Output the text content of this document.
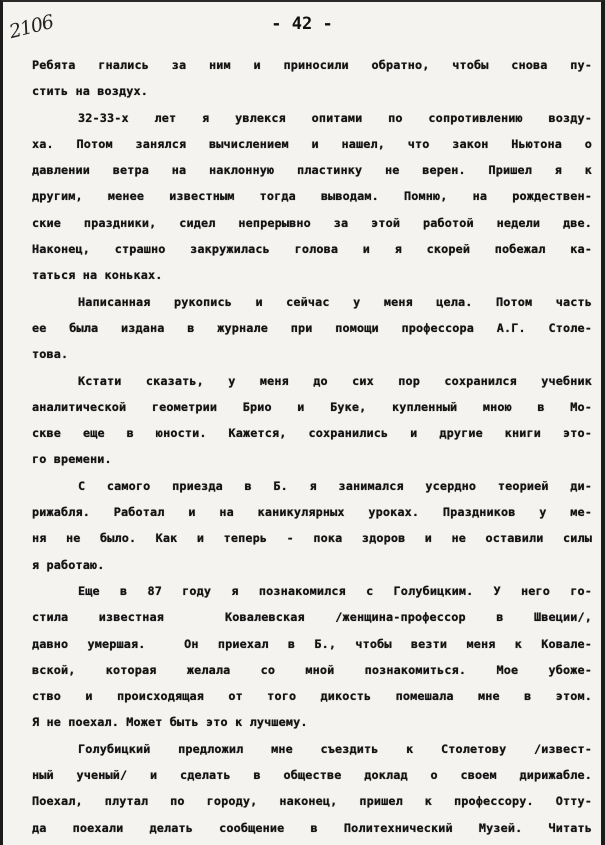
2106	- 42 -
Ребята гнались за ним и приносили обратно, чтобы снова пу-
стить на воздух.
32-33-х лет я увлекся опитами по сопротивлению возду-
ха. Потом занялся вычислением и нашел, что закон Ньютона о
давлении ветра на наклонную пластинку не верен. Пришел я к
другим, менее известным тогда выводам. Помню, на рождествен-
ские праздники, сидел непрерывно за этой работой недели две.
Наконец, страшно закружилась голова и я скорей побежал ка-
таться на коньках.
Написанная рукопись и сейчас у меня цела. Потом часть
ее была издана в журнале при помощи профессора А.Г. Столе-
това.
Кстати сказать, у меня до сих пор сохранился учебник
аналитической геометрии Брио и Буке, купленный мною в Мо-
скве еще в юности. Кажется, сохранились и другие книги это-
го времени.
С самого приезда в Б. я занимался усердно теорией ди-
рижабля. Работал и на каникулярных уроках. Праздников у ме-
ня не было. Как и теперь - пока здоров и не оставили силы
я работаю.
Еще в 87 году я познакомился с Голубицким. У него го-
стила известная  Ковалевская /женщина-профессор в Швеции/,
давно умершая.  Он приехал в Б., чтобы везти меня к Ковале-
вской, которая желала со мной познакомиться. Мое убоже-
ство и происходящая от того дикость помешала мне в этом.
Я не поехал. Может быть это к лучшему.
Голубицкий предложил мне съездить к Столетову /извест-
ный ученый/ и сделать в обществе доклад о своем дирижабле.
Поехал, плутал по городу, наконец, пришел к профессору. Отту-
да поехали делать сообщение в Политехнический Музей. Читать
